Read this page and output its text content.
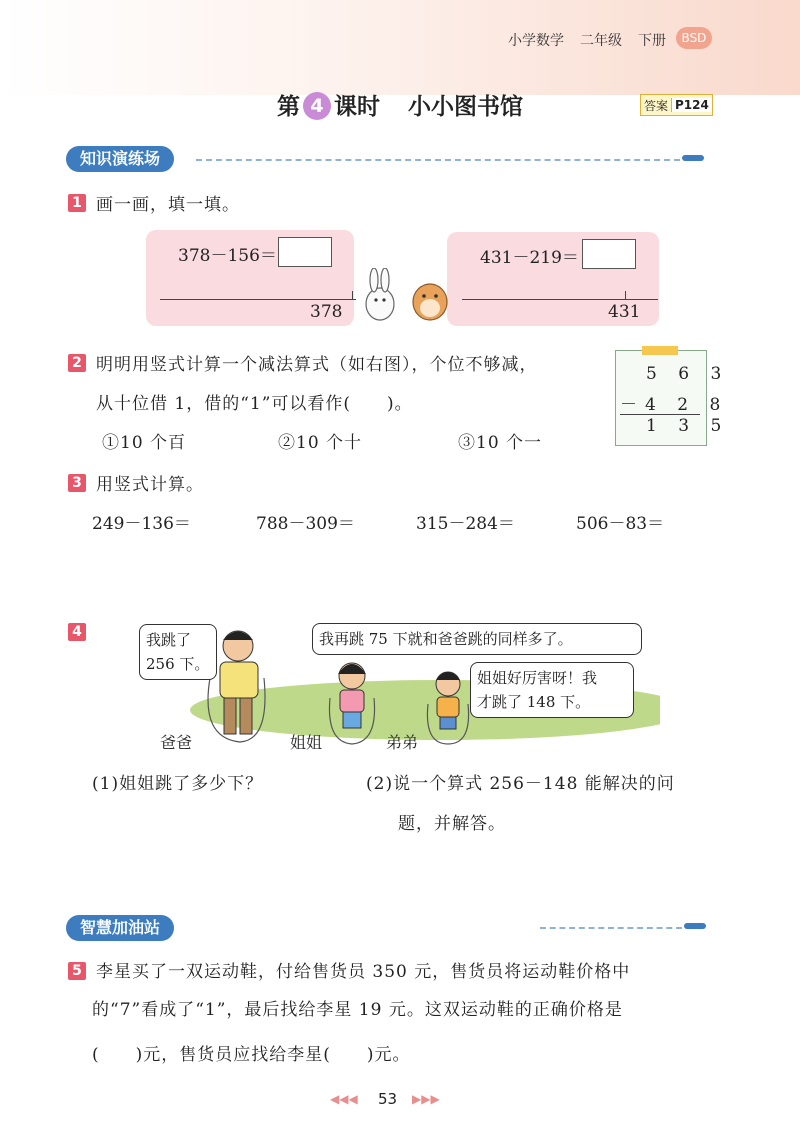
小学数学 二年级 下册	BSD
第 4 课时 小小图书馆	答案 P124
知识演练场
1 画一画，填一填。
378－156＝
378
431－219＝
431
2 明明用竖式计算一个减法算式（如右图），个位不够减，
从十位借 1，借的“1”可以看作(　　)。
①10 个百	②10 个十	③10 个一
5 6 3
－4 2 8
1 3 5
3 用竖式计算。
249－136＝	788－309＝	315－284＝	506－83＝
4	我跳了
256 下。
我再跳 75 下就和爸爸跳的同样多了。
姐姐好厉害呀！我
才跳了 148 下。
爸爸	姐姐	弟弟
(1)姐姐跳了多少下？	(2)说一个算式 256－148 能解决的问
题，并解答。
智慧加油站
5 李星买了一双运动鞋，付给售货员 350 元，售货员将运动鞋价格中
的“7”看成了“1”，最后找给李星 19 元。这双运动鞋的正确价格是
(　　)元，售货员应找给李星(　　)元。
◀◀◀ 53 ▶▶▶
